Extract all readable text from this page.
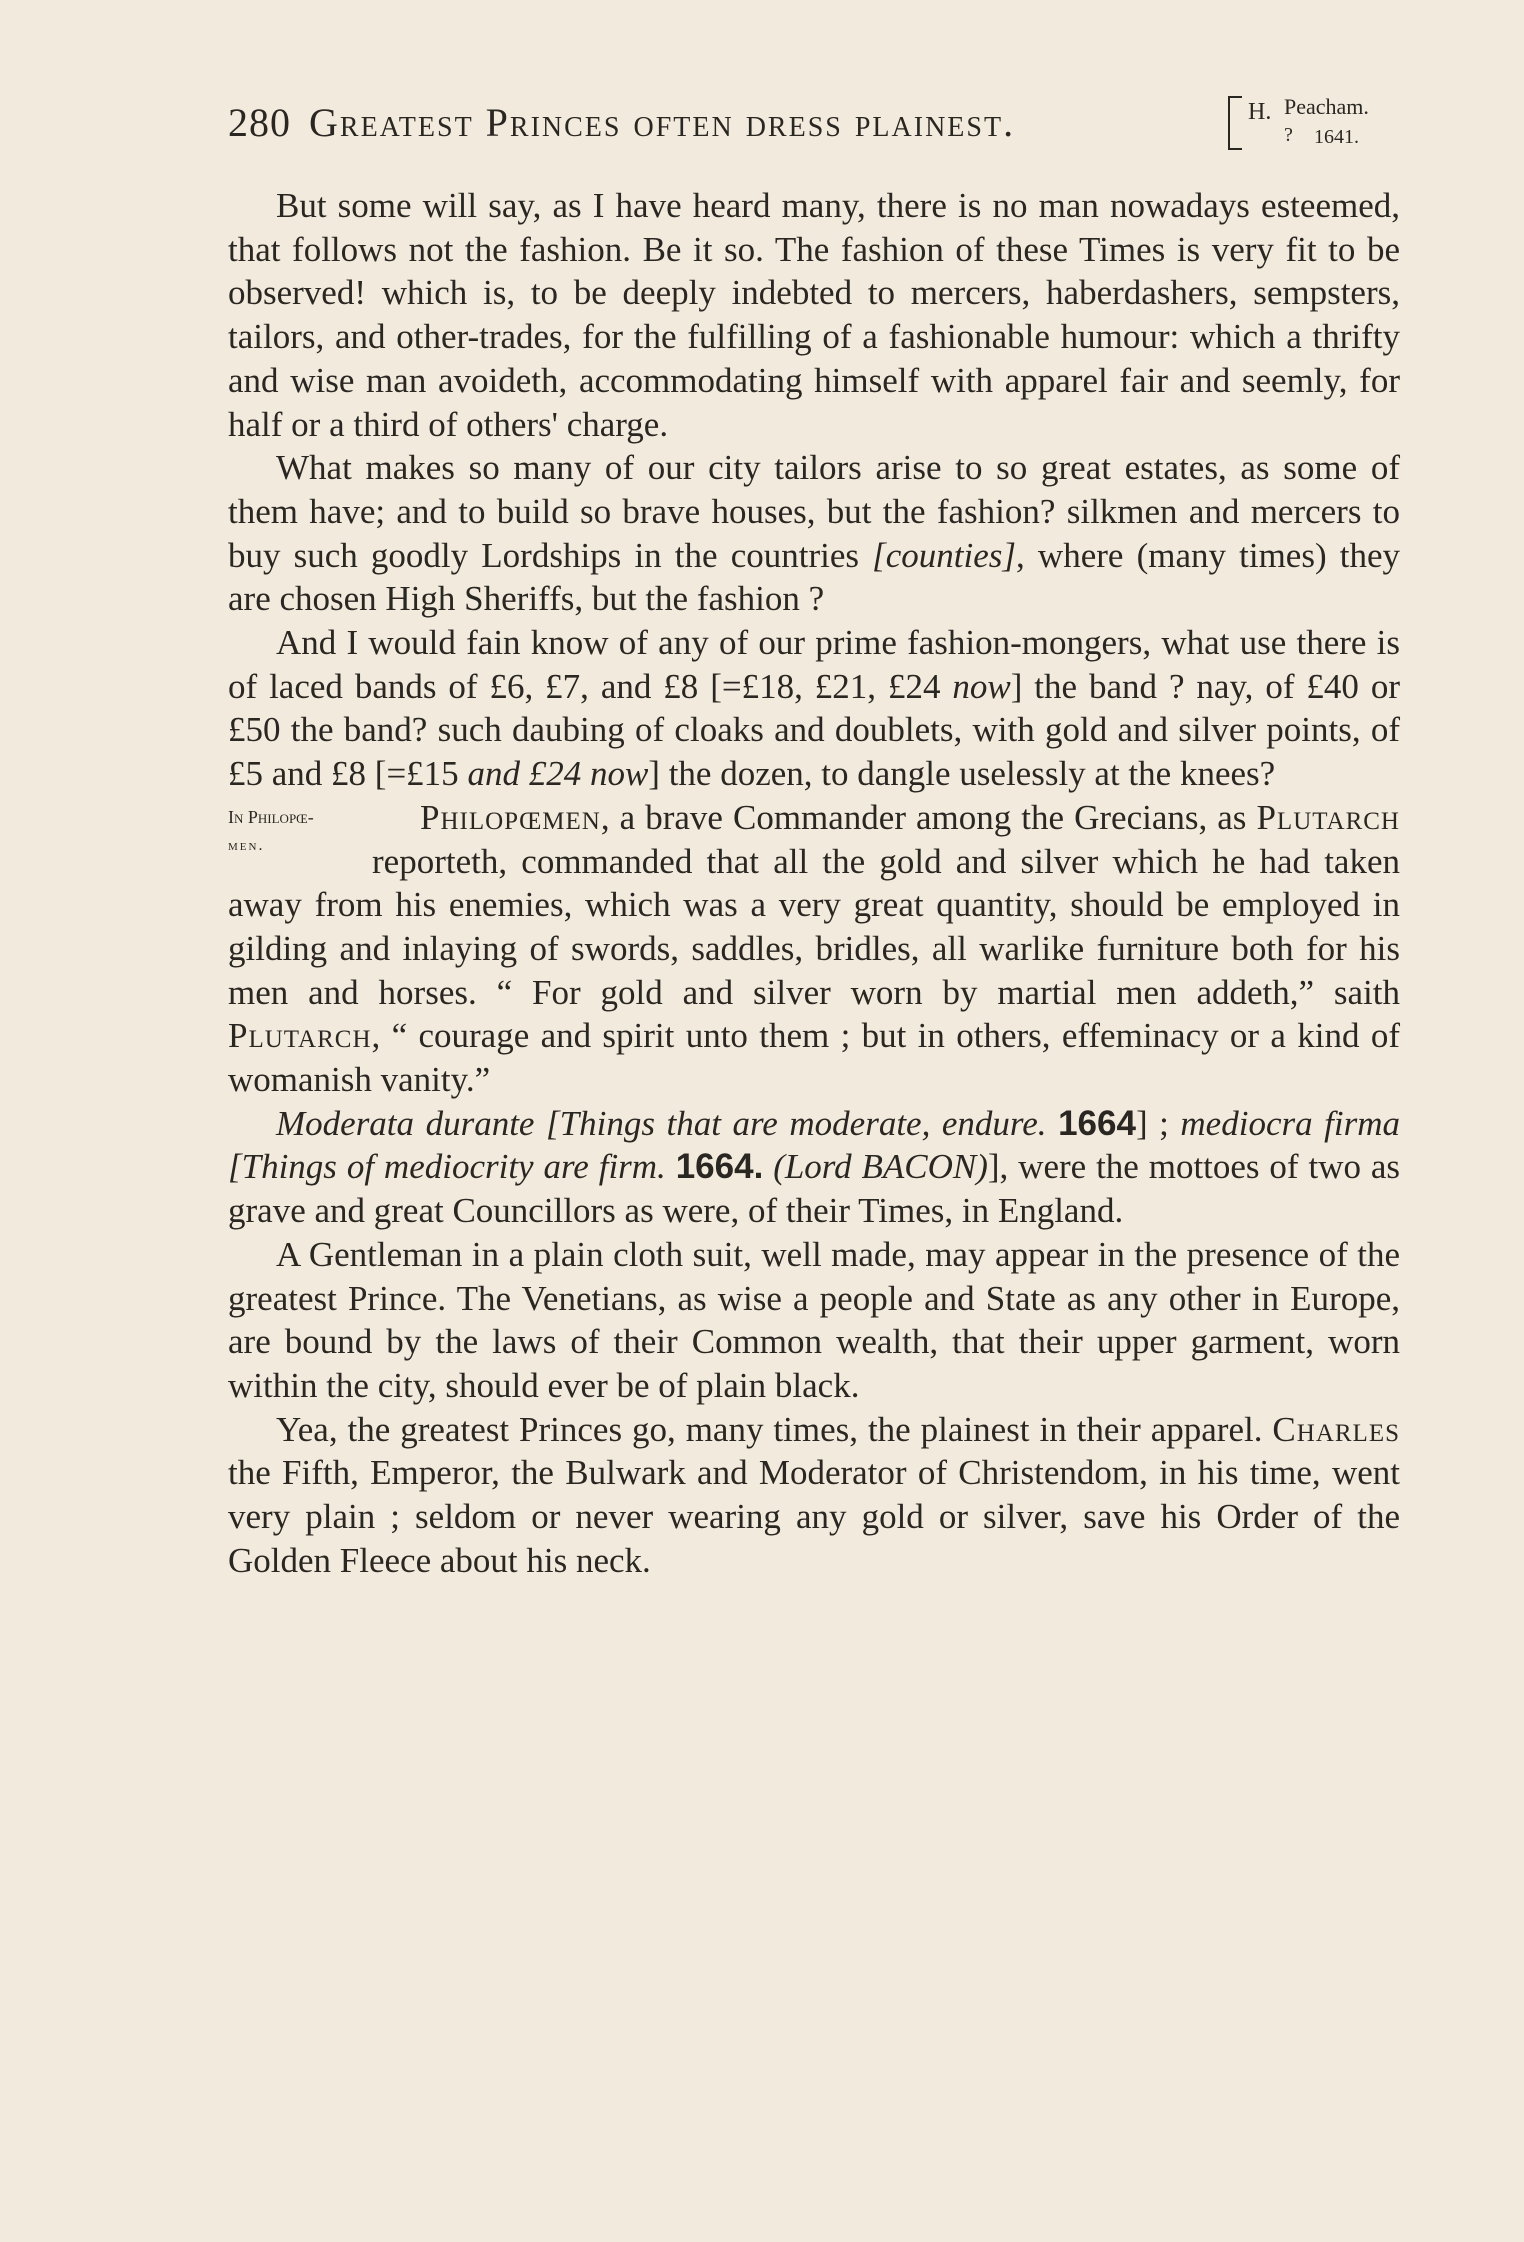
280 Greatest Princes often dress plainest.	H. Peacham.
? 1641.

But some will say, as I have heard many, there is no man nowadays esteemed, that follows not the fashion. Be it so. The fashion of these Times is very fit to be observed! which is, to be deeply indebted to mercers, haberdashers, sempsters, tailors, and other-trades, for the fulfilling of a fashionable humour: which a thrifty and wise man avoideth, accommodating himself with apparel fair and seemly, for half or a third of others' charge.

What makes so many of our city tailors arise to so great estates, as some of them have; and to build so brave houses, but the fashion? silkmen and mercers to buy such goodly Lordships in the countries [counties], where (many times) they are chosen High Sheriffs, but the fashion ?

And I would fain know of any of our prime fashion-mongers, what use there is of laced bands of £6, £7, and £8 [=£18, £21, £24 now] the band ? nay, of £40 or £50 the band? such daubing of cloaks and doublets, with gold and silver points, of £5 and £8 [=£15 and £24 now] the dozen, to dangle uselessly at the knees?

Philopœmen, a brave Commander among the Grecians, as
In Philopœ-
men.
Plutarch reporteth, commanded that all the gold and silver which he had taken away from his enemies, which was a very great quantity, should be employed in gilding and inlaying of swords, saddles, bridles, all warlike furniture both for his men and horses. “ For gold and silver worn by martial men addeth,” saith Plutarch, “ courage and spirit unto them ; but in others, effeminacy or a kind of womanish vanity.”

Moderata durante [Things that are moderate, endure. 1664] ; mediocra firma [Things of mediocrity are firm. 1664. (Lord BACON)], were the mottoes of two as grave and great Councillors as were, of their Times, in England.

A Gentleman in a plain cloth suit, well made, may appear in the presence of the greatest Prince. The Venetians, as wise a people and State as any other in Europe, are bound by the laws of their Common wealth, that their upper garment, worn within the city, should ever be of plain black.

Yea, the greatest Princes go, many times, the plainest in their apparel. Charles the Fifth, Emperor, the Bulwark and Moderator of Christendom, in his time, went very plain ; seldom or never wearing any gold or silver, save his Order of the Golden Fleece about his neck.
